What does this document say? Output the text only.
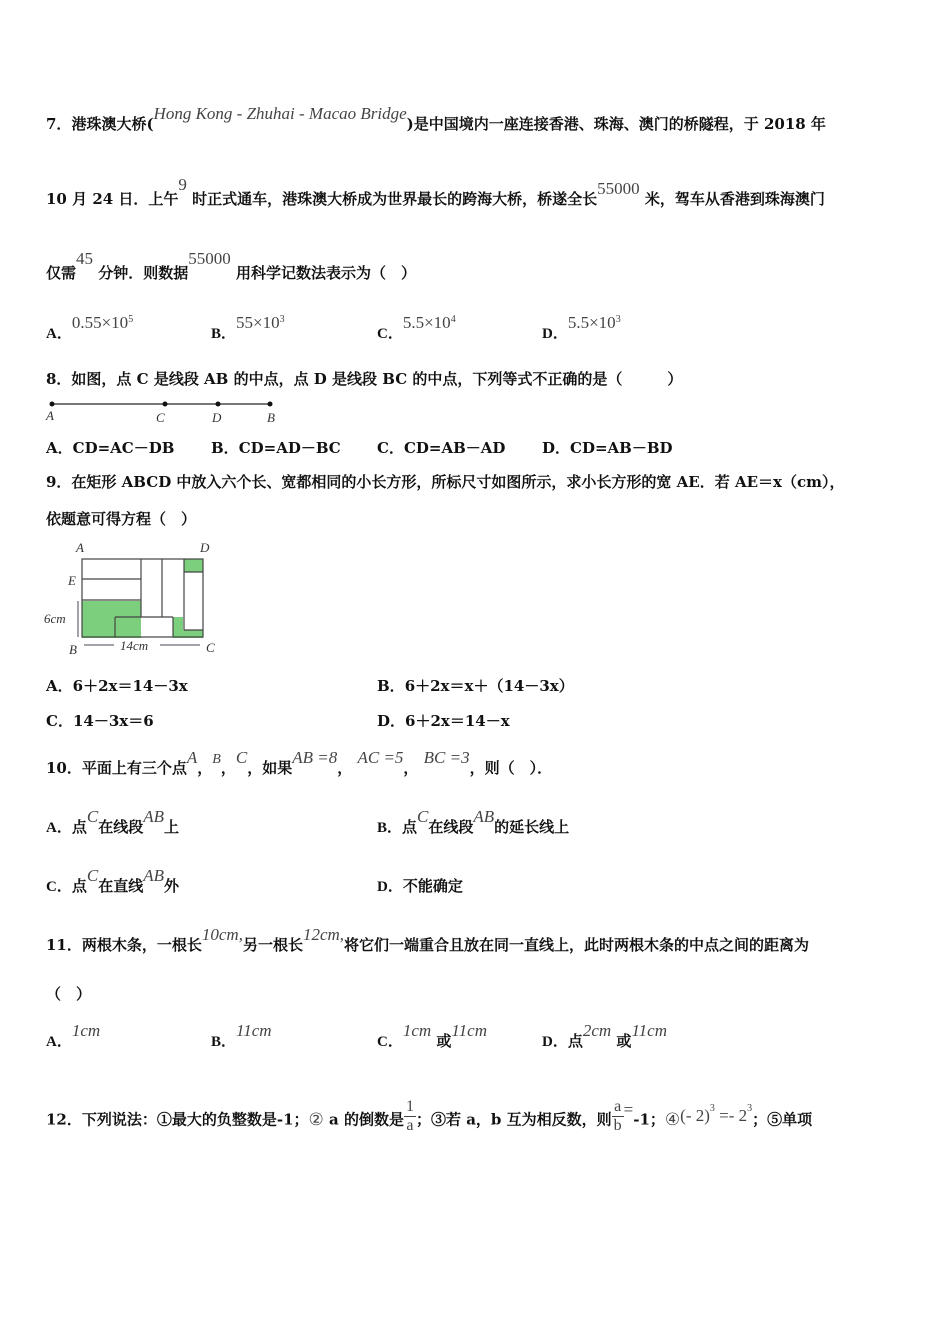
7．港珠澳大桥(Hong Kong - Zhuhai - Macao Bridge)是中国境内一座连接香港、珠海、澳门的桥隧程，于 2018 年
10 月 24 日．上午9 时正式通车，港珠澳大桥成为世界最长的跨海大桥，桥遂全长55000 米，驾车从香港到珠海澳门
仅需45 分钟．则数据55000 用科学记数法表示为（　）
A．$0.55\times 10^5$
B．$55\times 10^3$
C．$5.5\times 10^4$
D．$5.5\times 10^3$
8．如图，点 C 是线段 AB 的中点，点 D 是线段 BC 的中点，下列等式不正确的是（　　　）
A	C	D	B
A．CD=AC－DB B．CD=AD－BC C．CD=AB－AD D．CD=AB－BD
9．在矩形 ABCD 中放入六个长、宽都相同的小长方形，所标尺寸如图所示，求小长方形的宽 AE．若 AE＝x（cm），
依题意可得方程（　）
A	D
E
6cm
B	14cm	C
A．6＋2x＝14－3x	B．6＋2x＝x＋（14－3x）
C．14－3x＝6	D．6＋2x＝14－x
10．平面上有三个点A，B，C，如果AB =8， AC =5， BC =3，则（　）．
A．点C在线段AB上	B．点C在线段AB的延长线上
C．点C在直线AB外	D．不能确定
11．两根木条，一根长10cm,另一根长12cm,将它们一端重合且放在同一直线上，此时两根木条的中点之间的距离为
（　）
A．1cm
B．11cm
C．1cm 或11cm
D．点2cm 或11cm
12．下列说法：①最大的负整数是-1；② a 的倒数是 $\frac{1}{a}$ ；③若 a，b 互为相反数，则 $\frac{a}{b} =-1$；④(- $2)^3 =- 2^3$；⑤单项
